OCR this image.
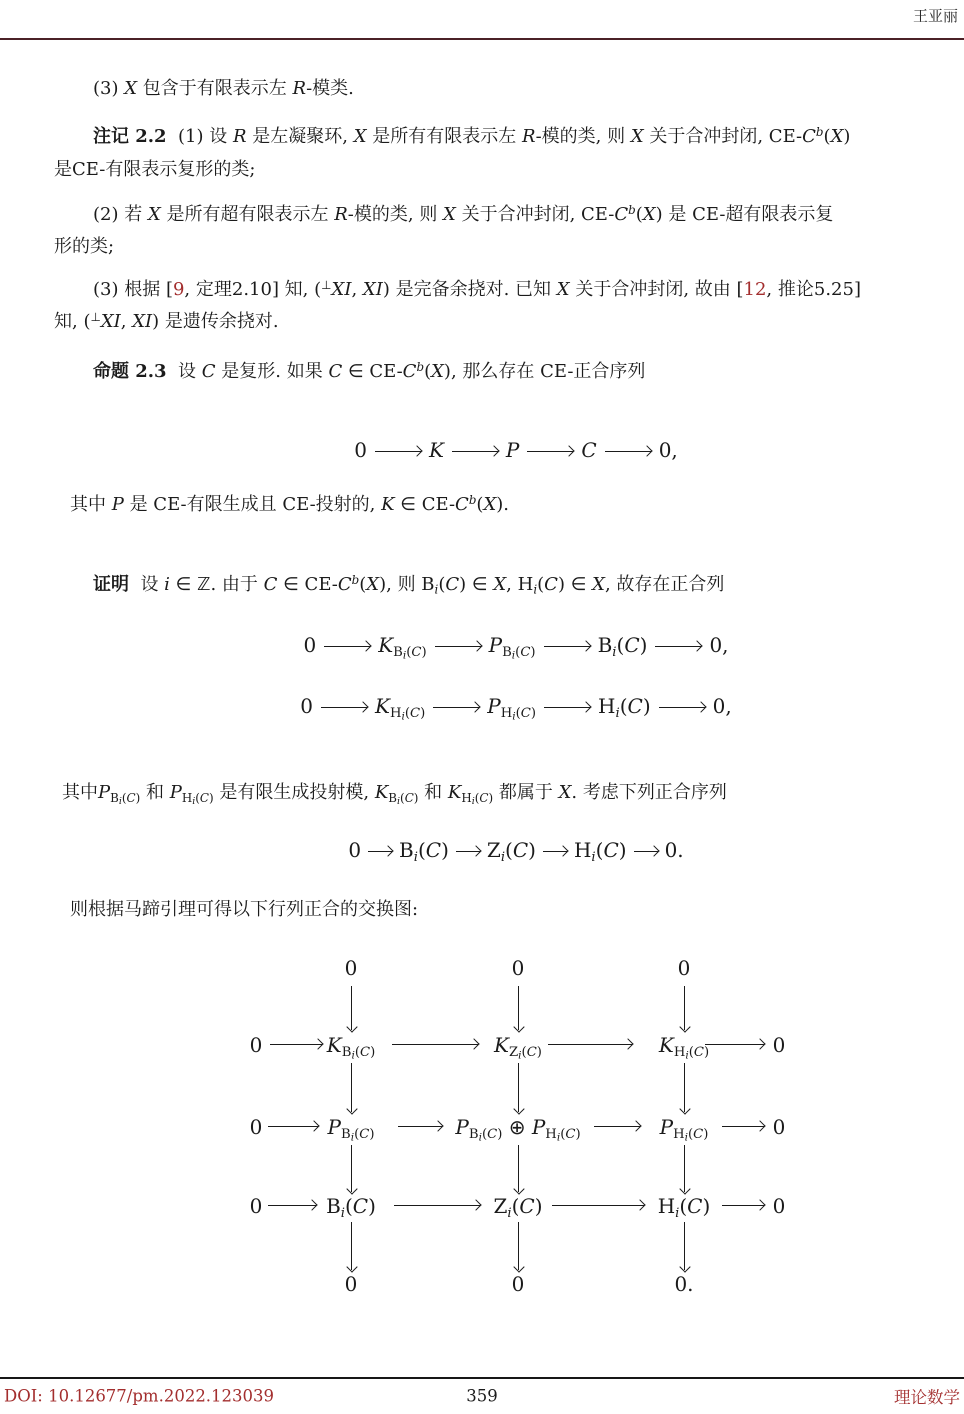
王亚丽
(3) X 包含于有限表示左 R-模类.
注记 2.2  (1) 设 R 是左凝聚环, X 是所有有限表示左 R-模的类, 则 X 关于合冲封闭, $CE-C^b(X)$
是CE-有限表示复形的类;
(2) 若 X 是所有超有限表示左 R-模的类, 则 X 关于合冲封闭, $CE-C^b(X)$ 是 CE-超有限表示复
形的类;
(3) 根据 [9, 定理2.10] 知, (⊥XI, XI) 是完备余挠对. 已知 X 关于合冲封闭, 故由 [12, 推论5.25]
知, (⊥XI, XI) 是遗传余挠对.
命题 2.3  设 C 是复形. 如果 C ∈ $CE-C^b(X)$, 那么存在 CE-正合序列
其中 P 是 CE-有限生成且 CE-投射的, K ∈ $CE-C^b(X)$.
证明  设 i ∈ ℤ. 由于 C ∈ $CE-C^b(X)$, 则 $B_i(C)$ ∈ X, $H_i(C)$ ∈ X, 故存在正合列
其中$P_{B_i(C)}$ 和 $P_{H_i(C)}$ 是有限生成投射模, $K_{B_i(C)}$ 和 $K_{H_i(C)}$ 都属于 X. 考虑下列正合序列
则根据马蹄引理可得以下行列正合的交换图:
0	K	P	C	0,
0	$K_{B_i(C)}$	$P_{B_i(C)}$	$B_i(C)$	0,
0	$K_{H_i(C)}$	$P_{H_i(C)}$	$H_i(C)$	0,
0 $B_i(C)$ $Z_i(C)$ $H_i(C)$ 0.
0	0	0
0	$K_{B_i(C)}$	$K_{Z_i(C)}$	$K_{H_i(C)}$	0
0	$P_{B_i(C)}$	$P_{B_i(C)}$ ⊕ $P_{H_i(C)}$	$P_{H_i(C)}$	0
0	$B_i(C)$	$Z_i(C)$	$H_i(C)$	0
0	0	0.
DOI: 10.12677/pm.2022.123039	359	理论数学
